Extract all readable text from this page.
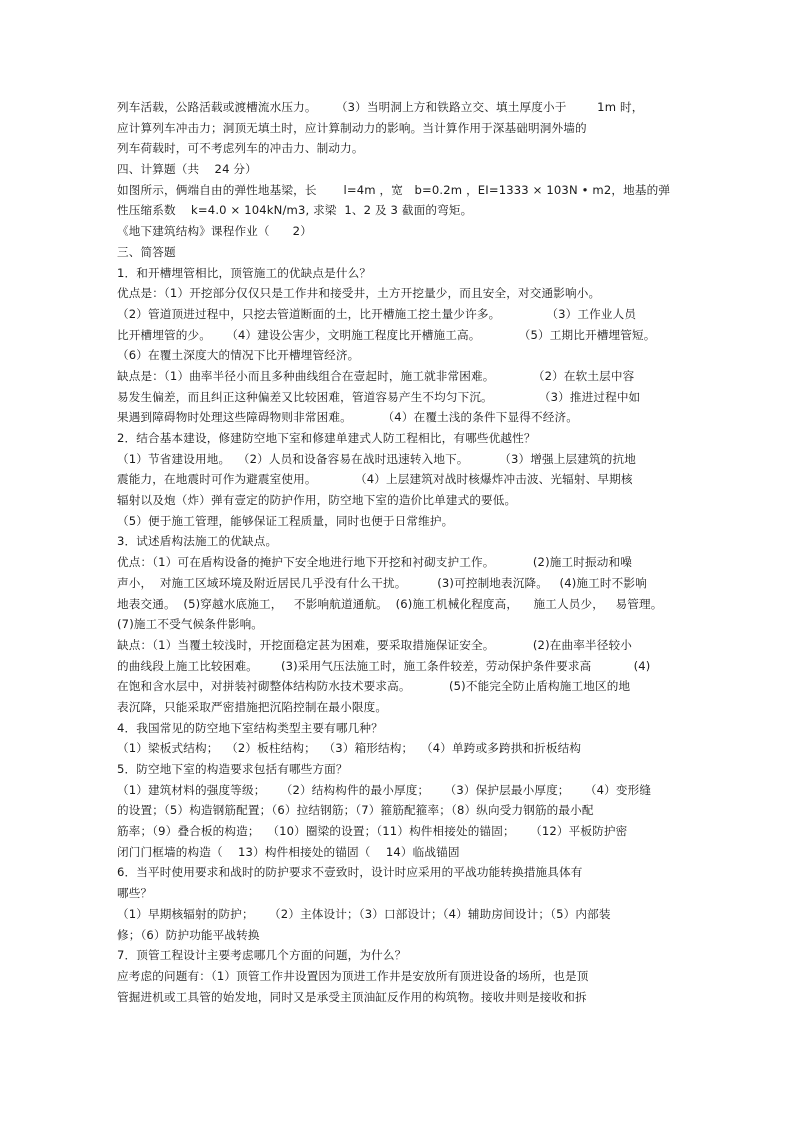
列车活载，公路活载或渡槽流水压力。     （3）当明洞上方和铁路立交、填土厚度小于        1m 时，
应计算列车冲击力；洞顶无填土时，应计算制动力的影响。当计算作用于深基础明洞外墙的
列车荷载时，可不考虑列车的冲击力、制动力。
四、计算题（共    24 分）
如图所示，俩端自由的弹性地基梁，长       l=4m ，宽   b=0.2m ，EI=1333 × 103N • m2，地基的弹
性压缩系数    k=4.0 × 104kN/m3, 求梁  1、2 及 3 截面的弯矩。
《地下建筑结构》课程作业（      2）
三、简答题
1．和开槽埋管相比，顶管施工的优缺点是什么？
优点是：（1）开挖部分仅仅只是工作井和接受井，土方开挖量少，而且安全，对交通影响小。
（2）管道顶进过程中，只挖去管道断面的土，比开槽施工挖土量少许多。            （3）工作业人员
比开槽埋管的少。    （4）建设公害少，文明施工程度比开槽施工高。          （5）工期比开槽埋管短。
（6）在覆土深度大的情况下比开槽埋管经济。
缺点是：（1）曲率半径小而且多种曲线组合在壹起时，施工就非常困难。          （2）在软土层中容
易发生偏差，而且纠正这种偏差又比较困难，管道容易产生不均匀下沉。            （3）推进过程中如
果遇到障碍物时处理这些障碍物则非常困难。        （4）在覆土浅的条件下显得不经济。
2．结合基本建设，修建防空地下室和修建单建式人防工程相比，有哪些优越性？
（1）节省建设用地。  （2）人员和设备容易在战时迅速转入地下。        （3）增强上层建筑的抗地
震能力，在地震时可作为避震室使用。          （4）上层建筑对战时核爆炸冲击波、光辐射、早期核
辐射以及炮（炸）弹有壹定的防护作用，防空地下室的造价比单建式的要低。
（5）便于施工管理，能够保证工程质量，同时也便于日常维护。
3．试述盾构法施工的优缺点。
优点：（1）可在盾构设备的掩护下安全地进行地下开挖和衬砌支护工作。          (2)施工时振动和噪
声小，  对施工区域环境及附近居民几乎没有什么干扰。        (3)可控制地表沉降。   (4)施工时不影响
地表交通。  (5)穿越水底施工，   不影响航道通航。  (6)施工机械化程度高，    施工人员少，   易管理。
(7)施工不受气候条件影响。
缺点：（1）当覆土较浅时，开挖面稳定甚为困难，要采取措施保证安全。          (2)在曲率半径较小
的曲线段上施工比较困难。      (3)采用气压法施工时，施工条件较差，劳动保护条件要求高           (4)
在饱和含水层中，对拼装衬砌整体结构防水技术要求高。          (5)不能完全防止盾构施工地区的地
表沉降，只能采取严密措施把沉陷控制在最小限度。
4．我国常见的防空地下室结构类型主要有哪几种？
（1）梁板式结构；  （2）板柱结构；  （3）箱形结构；  （4）单跨或多跨拱和折板结构
5．防空地下室的构造要求包括有哪些方面？
（1）建筑材料的强度等级；    （2）结构构件的最小厚度；    （3）保护层最小厚度；    （4）变形缝
的设置；（5）构造钢筋配置；（6）拉结钢筋；（7）箍筋配箍率；（8）纵向受力钢筋的最小配
筋率；（9）叠合板的构造；  （10）圈梁的设置；（11）构件相接处的锚固；    （12）平板防护密
闭门门框墙的构造（    13）构件相接处的锚固（    14）临战锚固
6．当平时使用要求和战时的防护要求不壹致时，设计时应采用的平战功能转换措施具体有
哪些？
（1）早期核辐射的防护；    （2）主体设计；（3）口部设计；（4）辅助房间设计；（5）内部装
修；（6）防护功能平战转换
7．顶管工程设计主要考虑哪几个方面的问题，为什么？
应考虑的问题有：（1）顶管工作井设置因为顶进工作井是安放所有顶进设备的场所，也是顶
管掘进机或工具管的始发地，同时又是承受主顶油缸反作用的构筑物。接收井则是接收和拆
